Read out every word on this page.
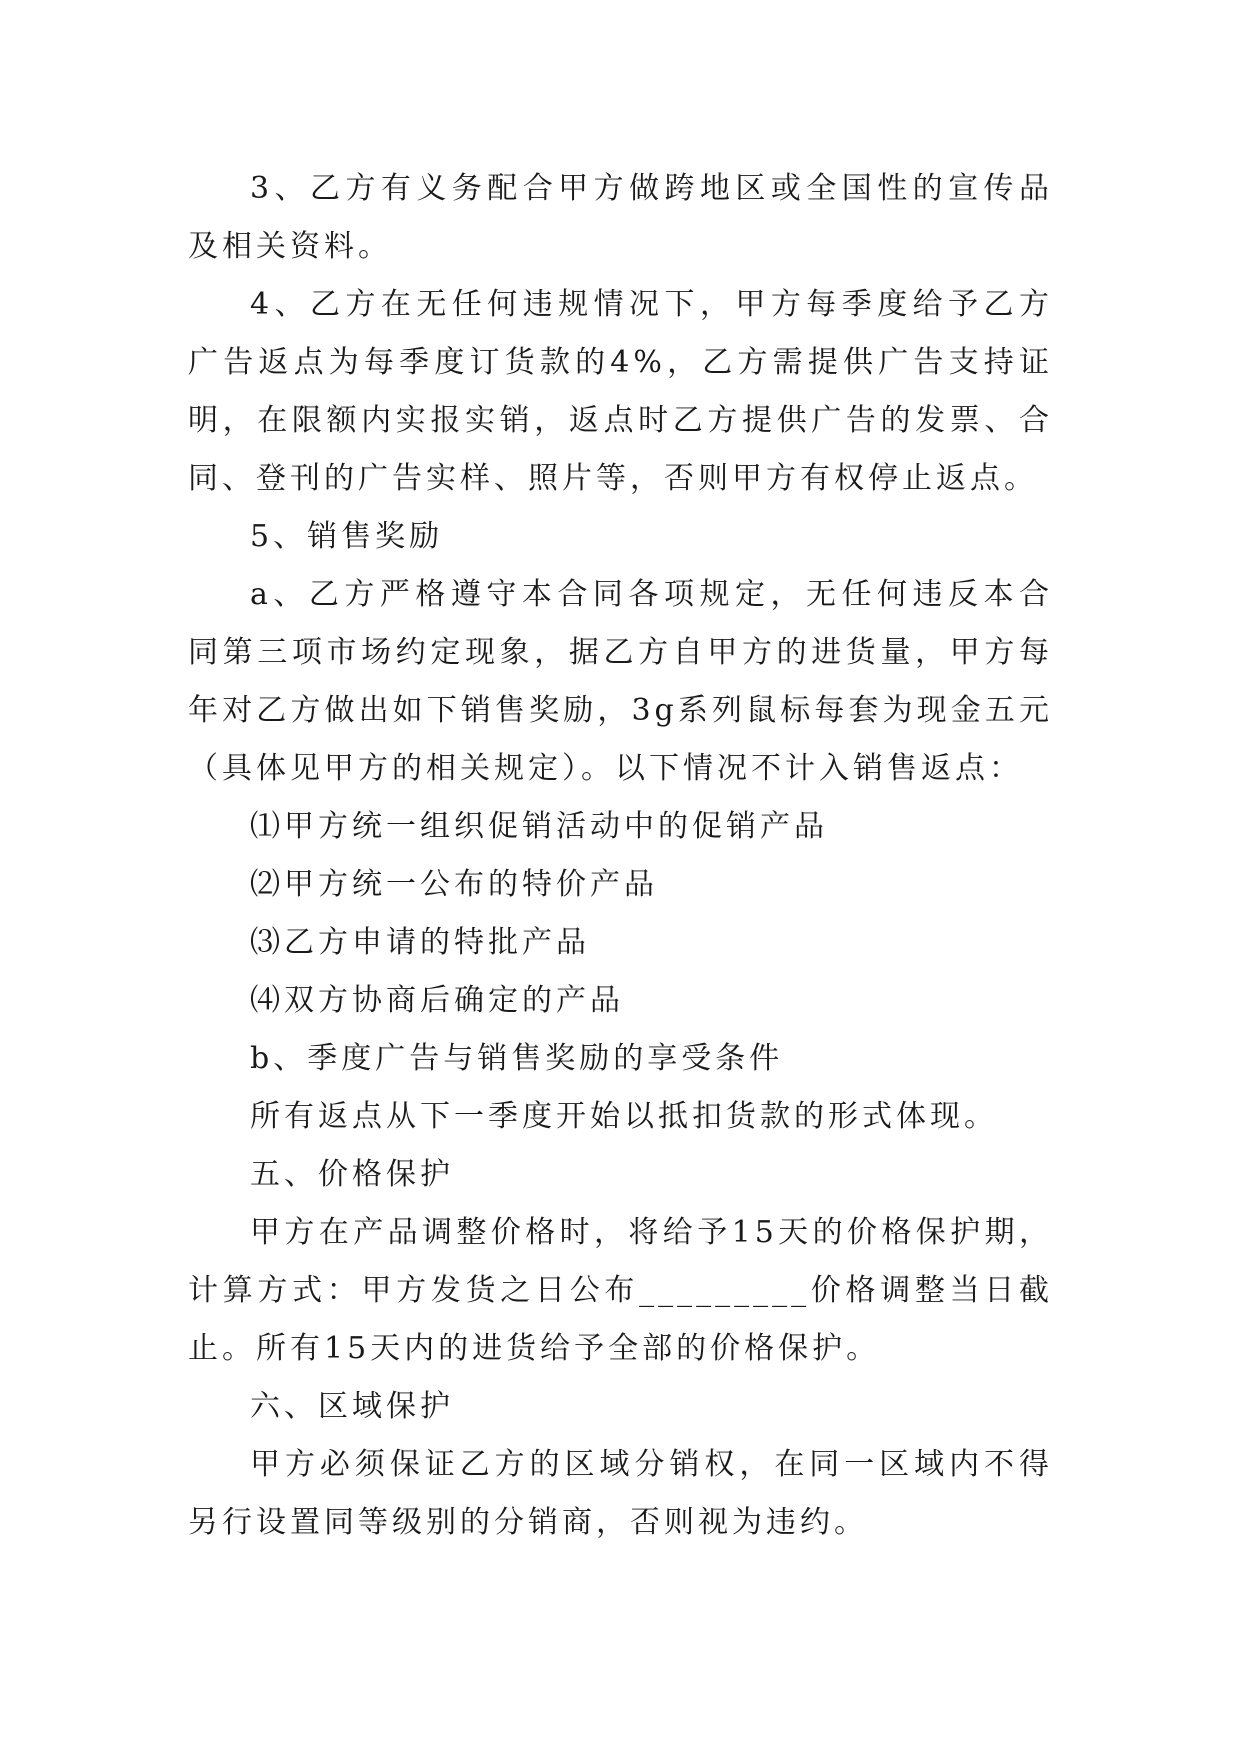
3、乙方有义务配合甲方做跨地区或全国性的宣传品及相关资料。

4、乙方在无任何违规情况下，甲方每季度给予乙方广告返点为每季度订货款的4%，乙方需提供广告支持证明，在限额内实报实销，返点时乙方提供广告的发票、合同、登刊的广告实样、照片等，否则甲方有权停止返点。

5、销售奖励

a、乙方严格遵守本合同各项规定，无任何违反本合同第三项市场约定现象，据乙方自甲方的进货量，甲方每年对乙方做出如下销售奖励，3g系列鼠标每套为现金五元（具体见甲方的相关规定）。以下情况不计入销售返点：

⑴甲方统一组织促销活动中的促销产品

⑵甲方统一公布的特价产品

⑶乙方申请的特批产品

⑷双方协商后确定的产品

b、季度广告与销售奖励的享受条件

所有返点从下一季度开始以抵扣货款的形式体现。

五、价格保护

甲方在产品调整价格时，将给予15天的价格保护期，计算方式：甲方发货之日公布_________价格调整当日截止。所有15天内的进货给予全部的价格保护。

六、区域保护

甲方必须保证乙方的区域分销权，在同一区域内不得另行设置同等级别的分销商，否则视为违约。
